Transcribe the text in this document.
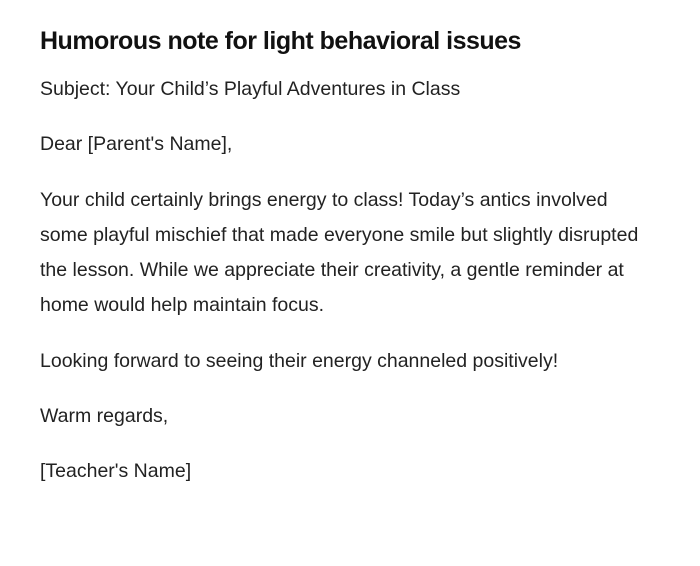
Humorous note for light behavioral issues

Subject: Your Child’s Playful Adventures in Class

Dear [Parent's Name],

Your child certainly brings energy to class! Today’s antics involved some playful mischief that made everyone smile but slightly disrupted the lesson. While we appreciate their creativity, a gentle reminder at home would help maintain focus.

Looking forward to seeing their energy channeled positively!

Warm regards,

[Teacher's Name]
